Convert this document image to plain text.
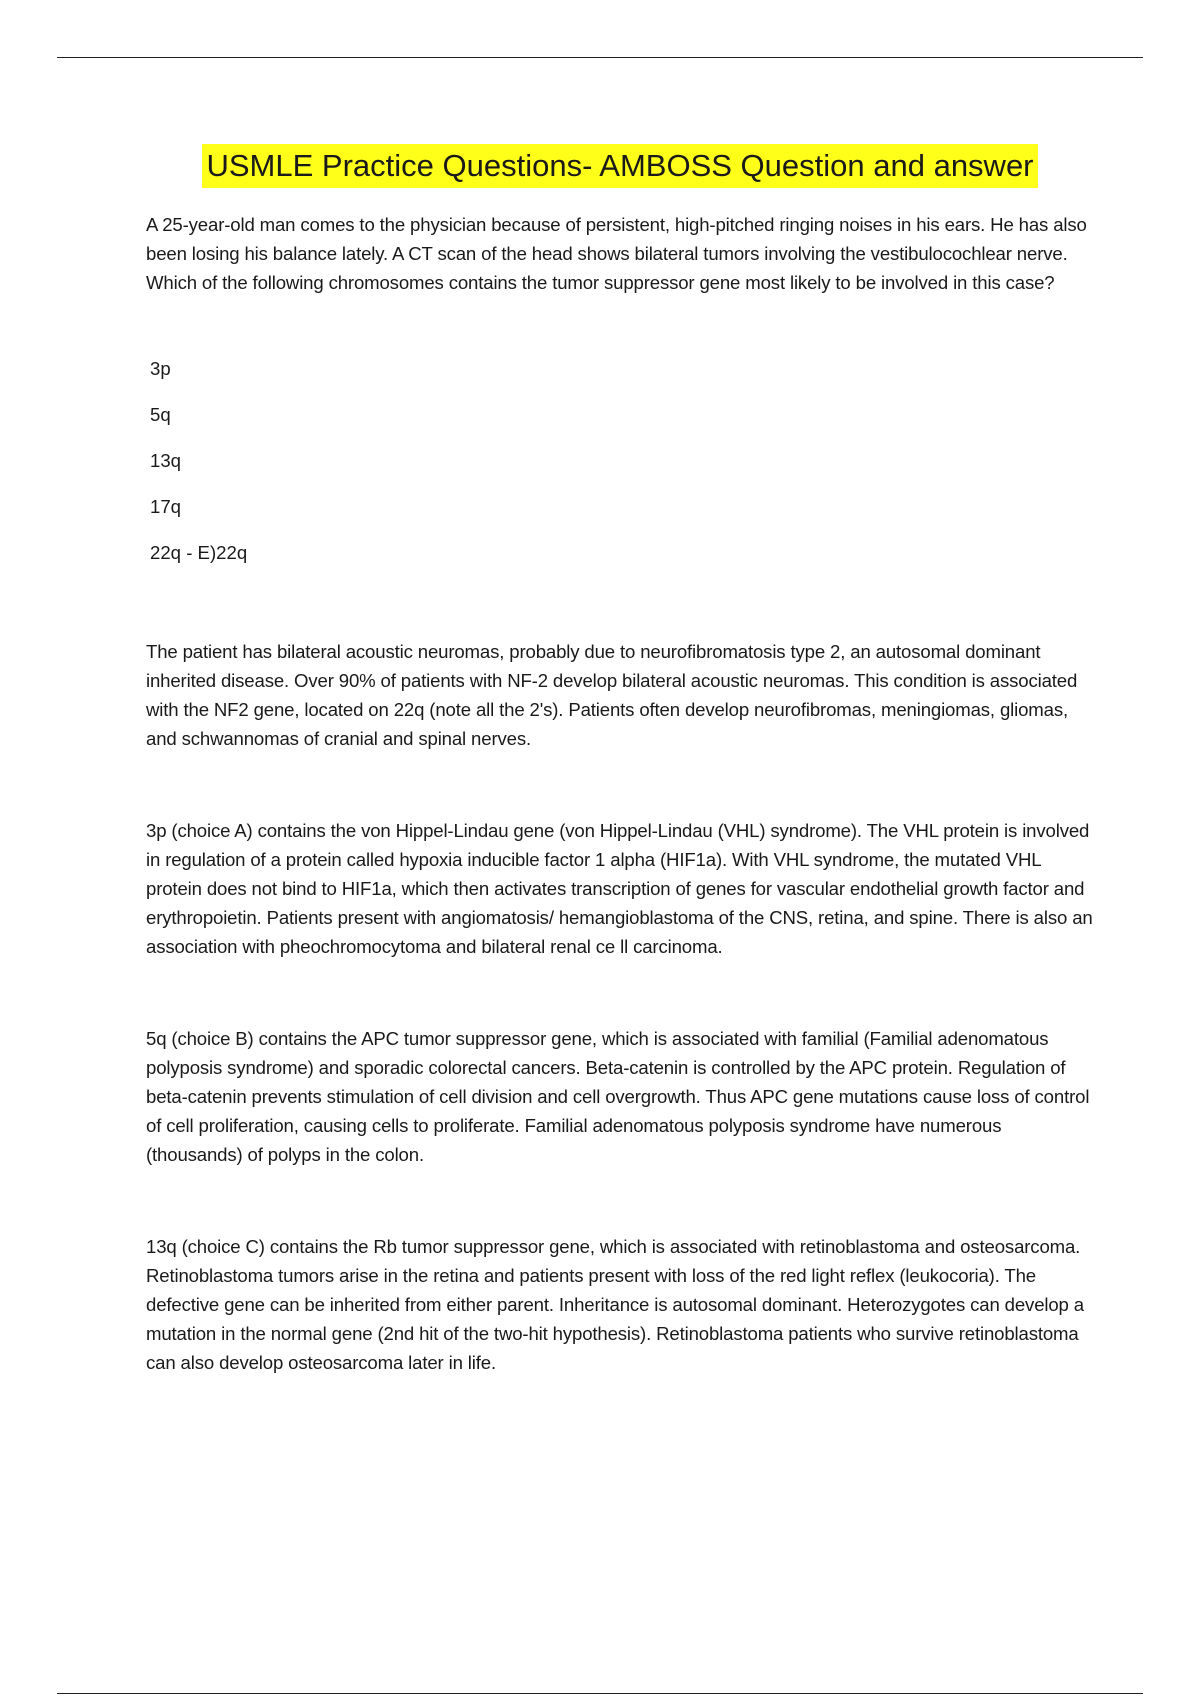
USMLE Practice Questions- AMBOSS Question and answer

A 25-year-old man comes to the physician because of persistent, high-pitched ringing noises in his ears. He has also been losing his balance lately. A CT scan of the head shows bilateral tumors involving the vestibulocochlear nerve. Which of the following chromosomes contains the tumor suppressor gene most likely to be involved in this case?

3p
5q
13q
17q
22q - E)22q

The patient has bilateral acoustic neuromas, probably due to neurofibromatosis type 2, an autosomal dominant inherited disease. Over 90% of patients with NF-2 develop bilateral acoustic neuromas. This condition is associated with the NF2 gene, located on 22q (note all the 2's). Patients often develop neurofibromas, meningiomas, gliomas, and schwannomas of cranial and spinal nerves.

3p (choice A) contains the von Hippel-Lindau gene (von Hippel-Lindau (VHL) syndrome). The VHL protein is involved in regulation of a protein called hypoxia inducible factor 1 alpha (HIF1a). With VHL syndrome, the mutated VHL protein does not bind to HIF1a, which then activates transcription of genes for vascular endothelial growth factor and erythropoietin. Patients present with angiomatosis/ hemangioblastoma of the CNS, retina, and spine. There is also an association with pheochromocytoma and bilateral renal ce ll carcinoma.

5q (choice B) contains the APC tumor suppressor gene, which is associated with familial (Familial adenomatous polyposis syndrome) and sporadic colorectal cancers. Beta-catenin is controlled by the APC protein. Regulation of beta-catenin prevents stimulation of cell division and cell overgrowth. Thus APC gene mutations cause loss of control of cell proliferation, causing cells to proliferate. Familial adenomatous polyposis syndrome have numerous (thousands) of polyps in the colon.

13q (choice C) contains the Rb tumor suppressor gene, which is associated with retinoblastoma and osteosarcoma. Retinoblastoma tumors arise in the retina and patients present with loss of the red light reflex (leukocoria). The defective gene can be inherited from either parent. Inheritance is autosomal dominant. Heterozygotes can develop a mutation in the normal gene (2nd hit of the two-hit hypothesis). Retinoblastoma patients who survive retinoblastoma can also develop osteosarcoma later in life.
